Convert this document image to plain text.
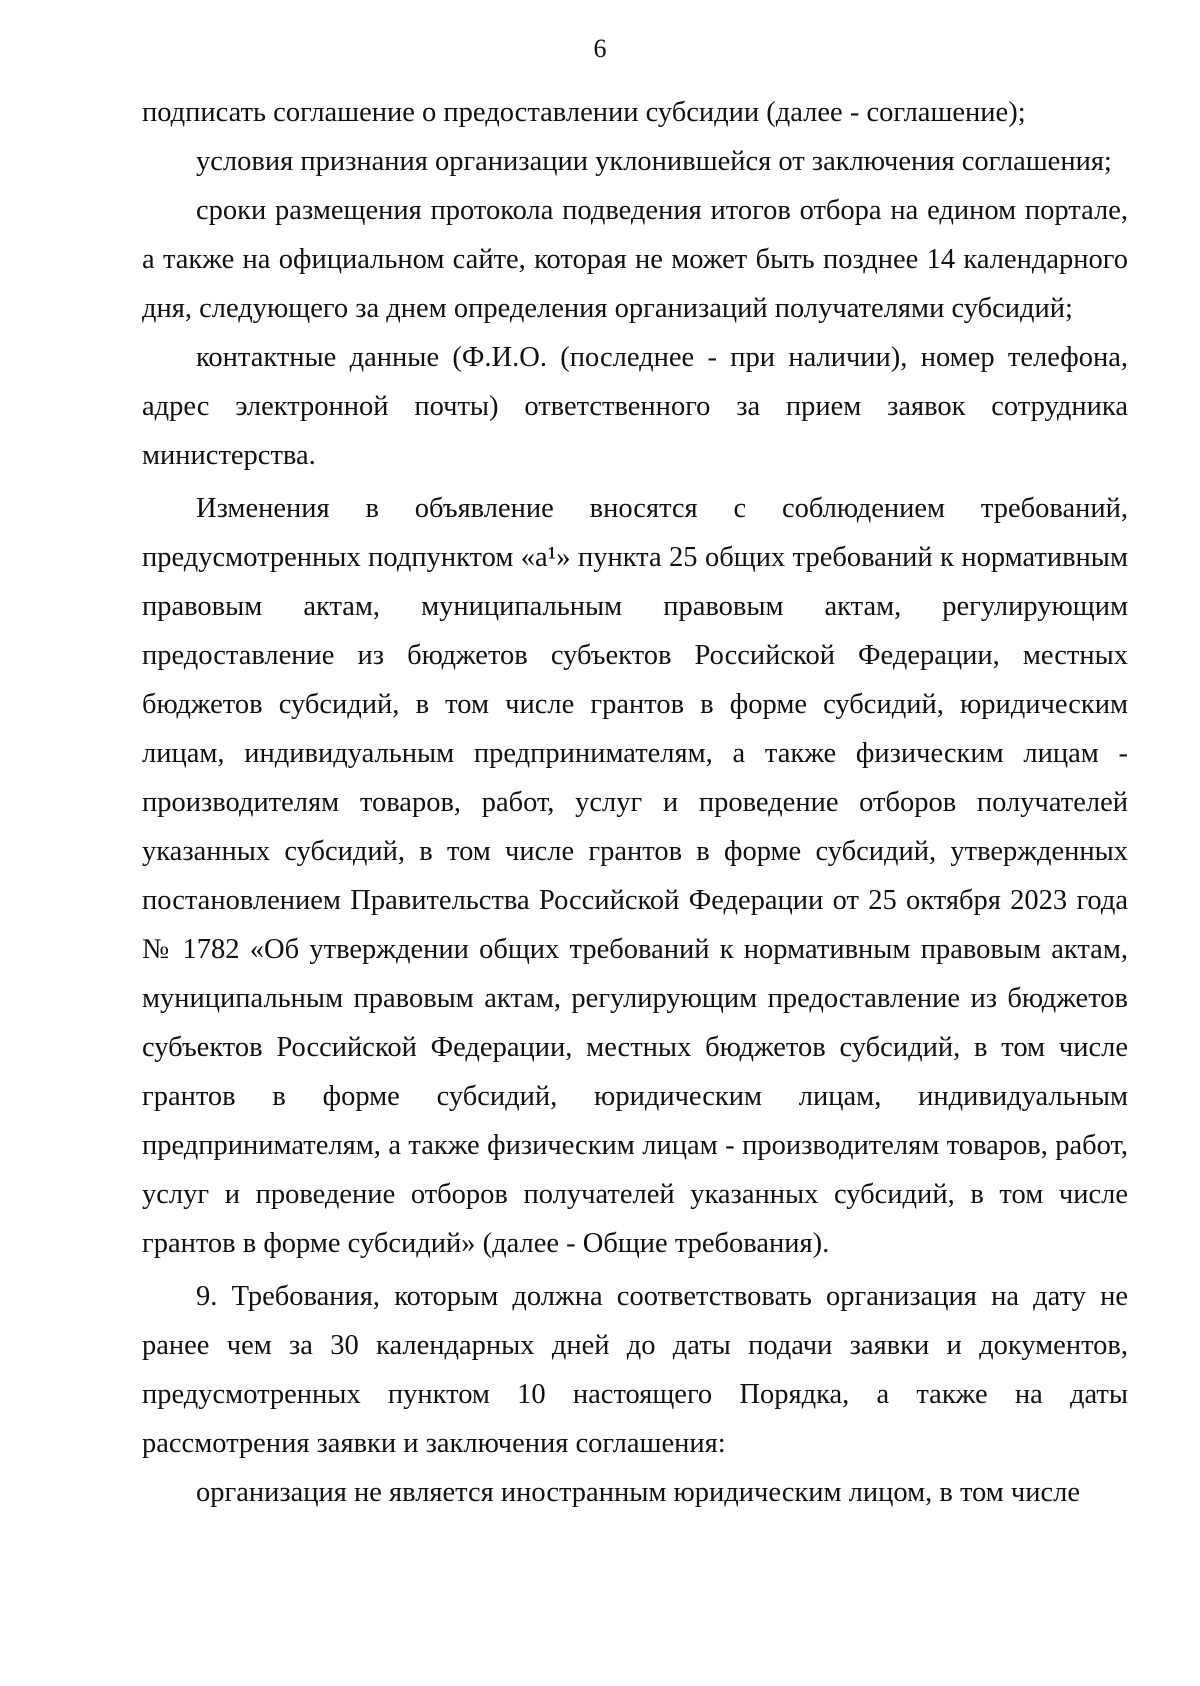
6

подписать соглашение о предоставлении субсидии (далее - соглашение);

условия признания организации уклонившейся от заключения соглашения;

сроки размещения протокола подведения итогов отбора на едином портале, а также на официальном сайте, которая не может быть позднее 14 календарного дня, следующего за днем определения организаций получателями субсидий;

контактные данные (Ф.И.О. (последнее - при наличии), номер телефона, адрес электронной почты) ответственного за прием заявок сотрудника министерства.

Изменения в объявление вносятся с соблюдением требований, предусмотренных подпунктом «а¹» пункта 25 общих требований к нормативным правовым актам, муниципальным правовым актам, регулирующим предоставление из бюджетов субъектов Российской Федерации, местных бюджетов субсидий, в том числе грантов в форме субсидий, юридическим лицам, индивидуальным предпринимателям, а также физическим лицам - производителям товаров, работ, услуг и проведение отборов получателей указанных субсидий, в том числе грантов в форме субсидий, утвержденных постановлением Правительства Российской Федерации от 25 октября 2023 года № 1782 «Об утверждении общих требований к нормативным правовым актам, муниципальным правовым актам, регулирующим предоставление из бюджетов субъектов Российской Федерации, местных бюджетов субсидий, в том числе грантов в форме субсидий, юридическим лицам, индивидуальным предпринимателям, а также физическим лицам - производителям товаров, работ, услуг и проведение отборов получателей указанных субсидий, в том числе грантов в форме субсидий» (далее - Общие требования).

9. Требования, которым должна соответствовать организация на дату не ранее чем за 30 календарных дней до даты подачи заявки и документов, предусмотренных пунктом 10 настоящего Порядка, а также на даты рассмотрения заявки и заключения соглашения:

организация не является иностранным юридическим лицом, в том числе
